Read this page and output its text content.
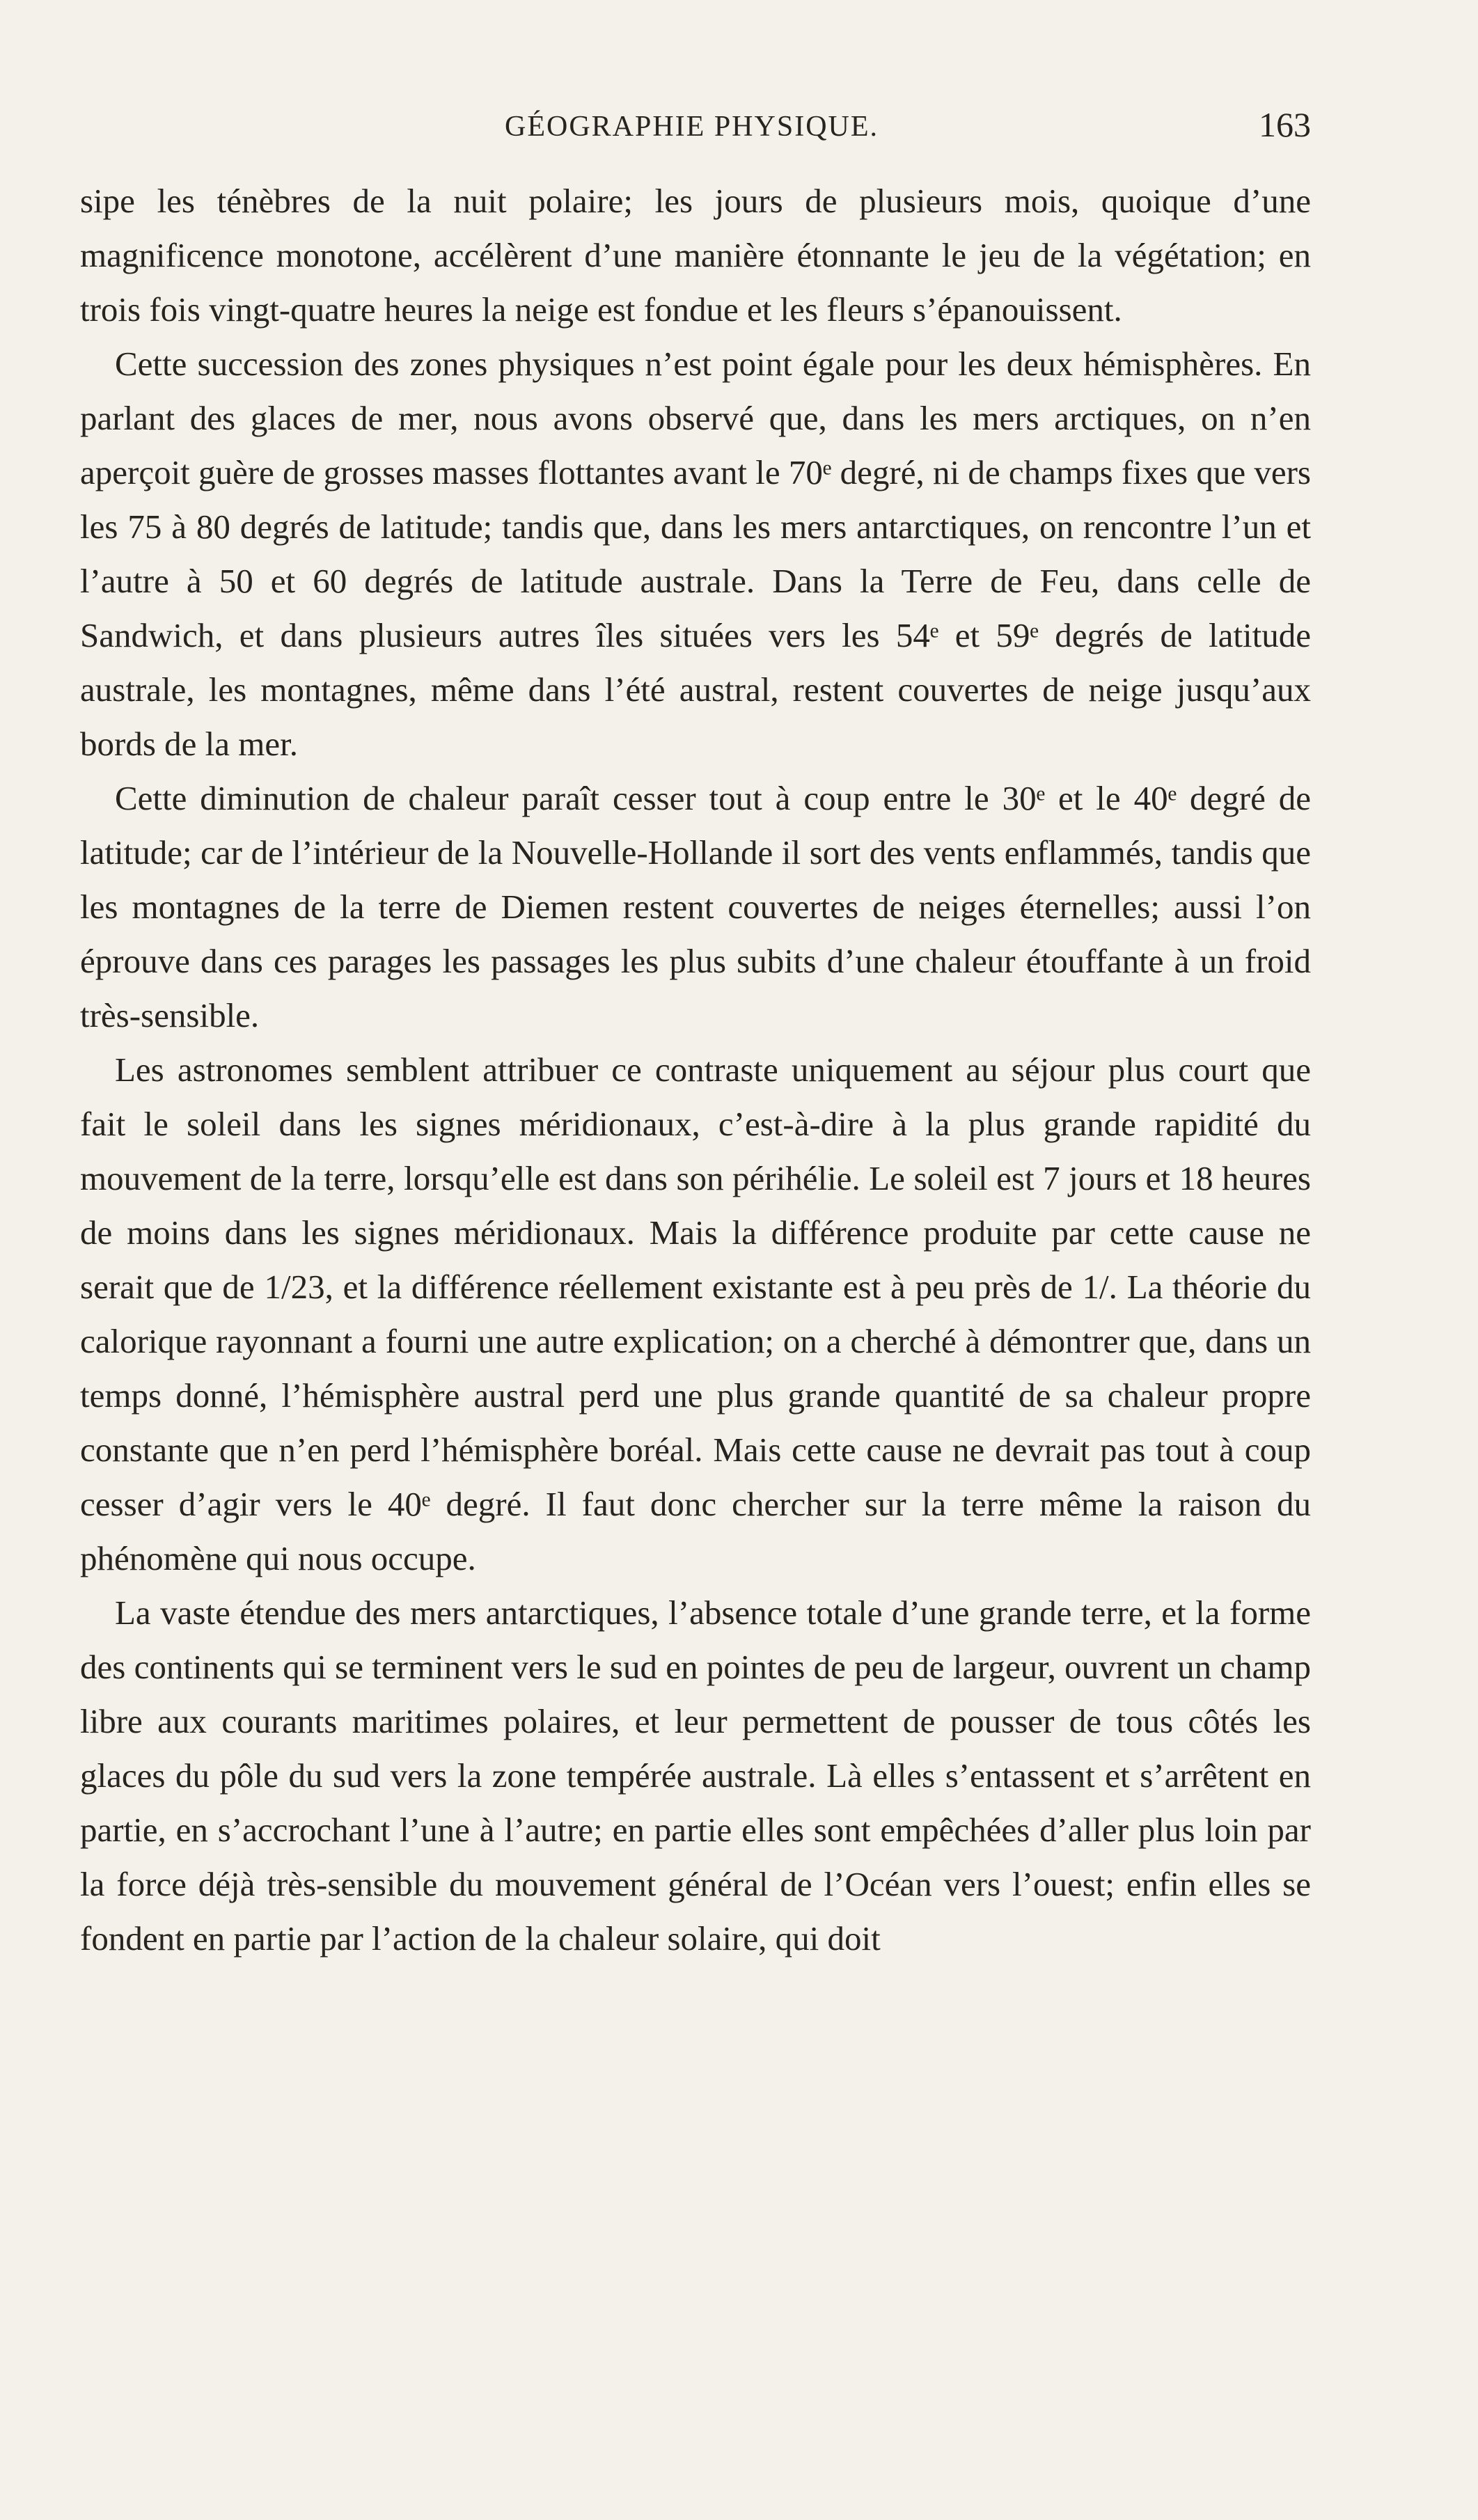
GÉOGRAPHIE PHYSIQUE.	163

sipe les ténèbres de la nuit polaire; les jours de plusieurs mois, quoique d’une magnificence monotone, accélèrent d’une manière étonnante le jeu de la végétation; en trois fois vingt-quatre heures la neige est fondue et les fleurs s’épanouissent.

Cette succession des zones physiques n’est point égale pour les deux hémisphères. En parlant des glaces de mer, nous avons observé que, dans les mers arctiques, on n’en aperçoit guère de grosses masses flottantes avant le 70ᵉ degré, ni de champs fixes que vers les 75 à 80 degrés de latitude; tandis que, dans les mers antarctiques, on rencontre l’un et l’autre à 50 et 60 degrés de latitude australe. Dans la Terre de Feu, dans celle de Sandwich, et dans plusieurs autres îles situées vers les 54ᵉ et 59ᵉ degrés de latitude australe, les montagnes, même dans l’été austral, restent couvertes de neige jusqu’aux bords de la mer.

Cette diminution de chaleur paraît cesser tout à coup entre le 30ᵉ et le 40ᵉ degré de latitude; car de l’intérieur de la Nouvelle-Hollande il sort des vents enflammés, tandis que les montagnes de la terre de Diemen restent couvertes de neiges éternelles; aussi l’on éprouve dans ces parages les passages les plus subits d’une chaleur étouffante à un froid très-sensible.

Les astronomes semblent attribuer ce contraste uniquement au séjour plus court que fait le soleil dans les signes méridionaux, c’est-à-dire à la plus grande rapidité du mouvement de la terre, lorsqu’elle est dans son périhélie. Le soleil est 7 jours et 18 heures de moins dans les signes méridionaux. Mais la différence produite par cette cause ne serait que de 1/23, et la différence réellement existante est à peu près de 1/. La théorie du calorique rayonnant a fourni une autre explication; on a cherché à démontrer que, dans un temps donné, l’hémisphère austral perd une plus grande quantité de sa chaleur propre constante que n’en perd l’hémisphère boréal. Mais cette cause ne devrait pas tout à coup cesser d’agir vers le 40ᵉ degré. Il faut donc chercher sur la terre même la raison du phénomène qui nous occupe.

La vaste étendue des mers antarctiques, l’absence totale d’une grande terre, et la forme des continents qui se terminent vers le sud en pointes de peu de largeur, ouvrent un champ libre aux courants maritimes polaires, et leur permettent de pousser de tous côtés les glaces du pôle du sud vers la zone tempérée australe. Là elles s’entassent et s’arrêtent en partie, en s’accrochant l’une à l’autre; en partie elles sont empêchées d’aller plus loin par la force déjà très-sensible du mouvement général de l’Océan vers l’ouest; enfin elles se fondent en partie par l’action de la chaleur solaire, qui doit
